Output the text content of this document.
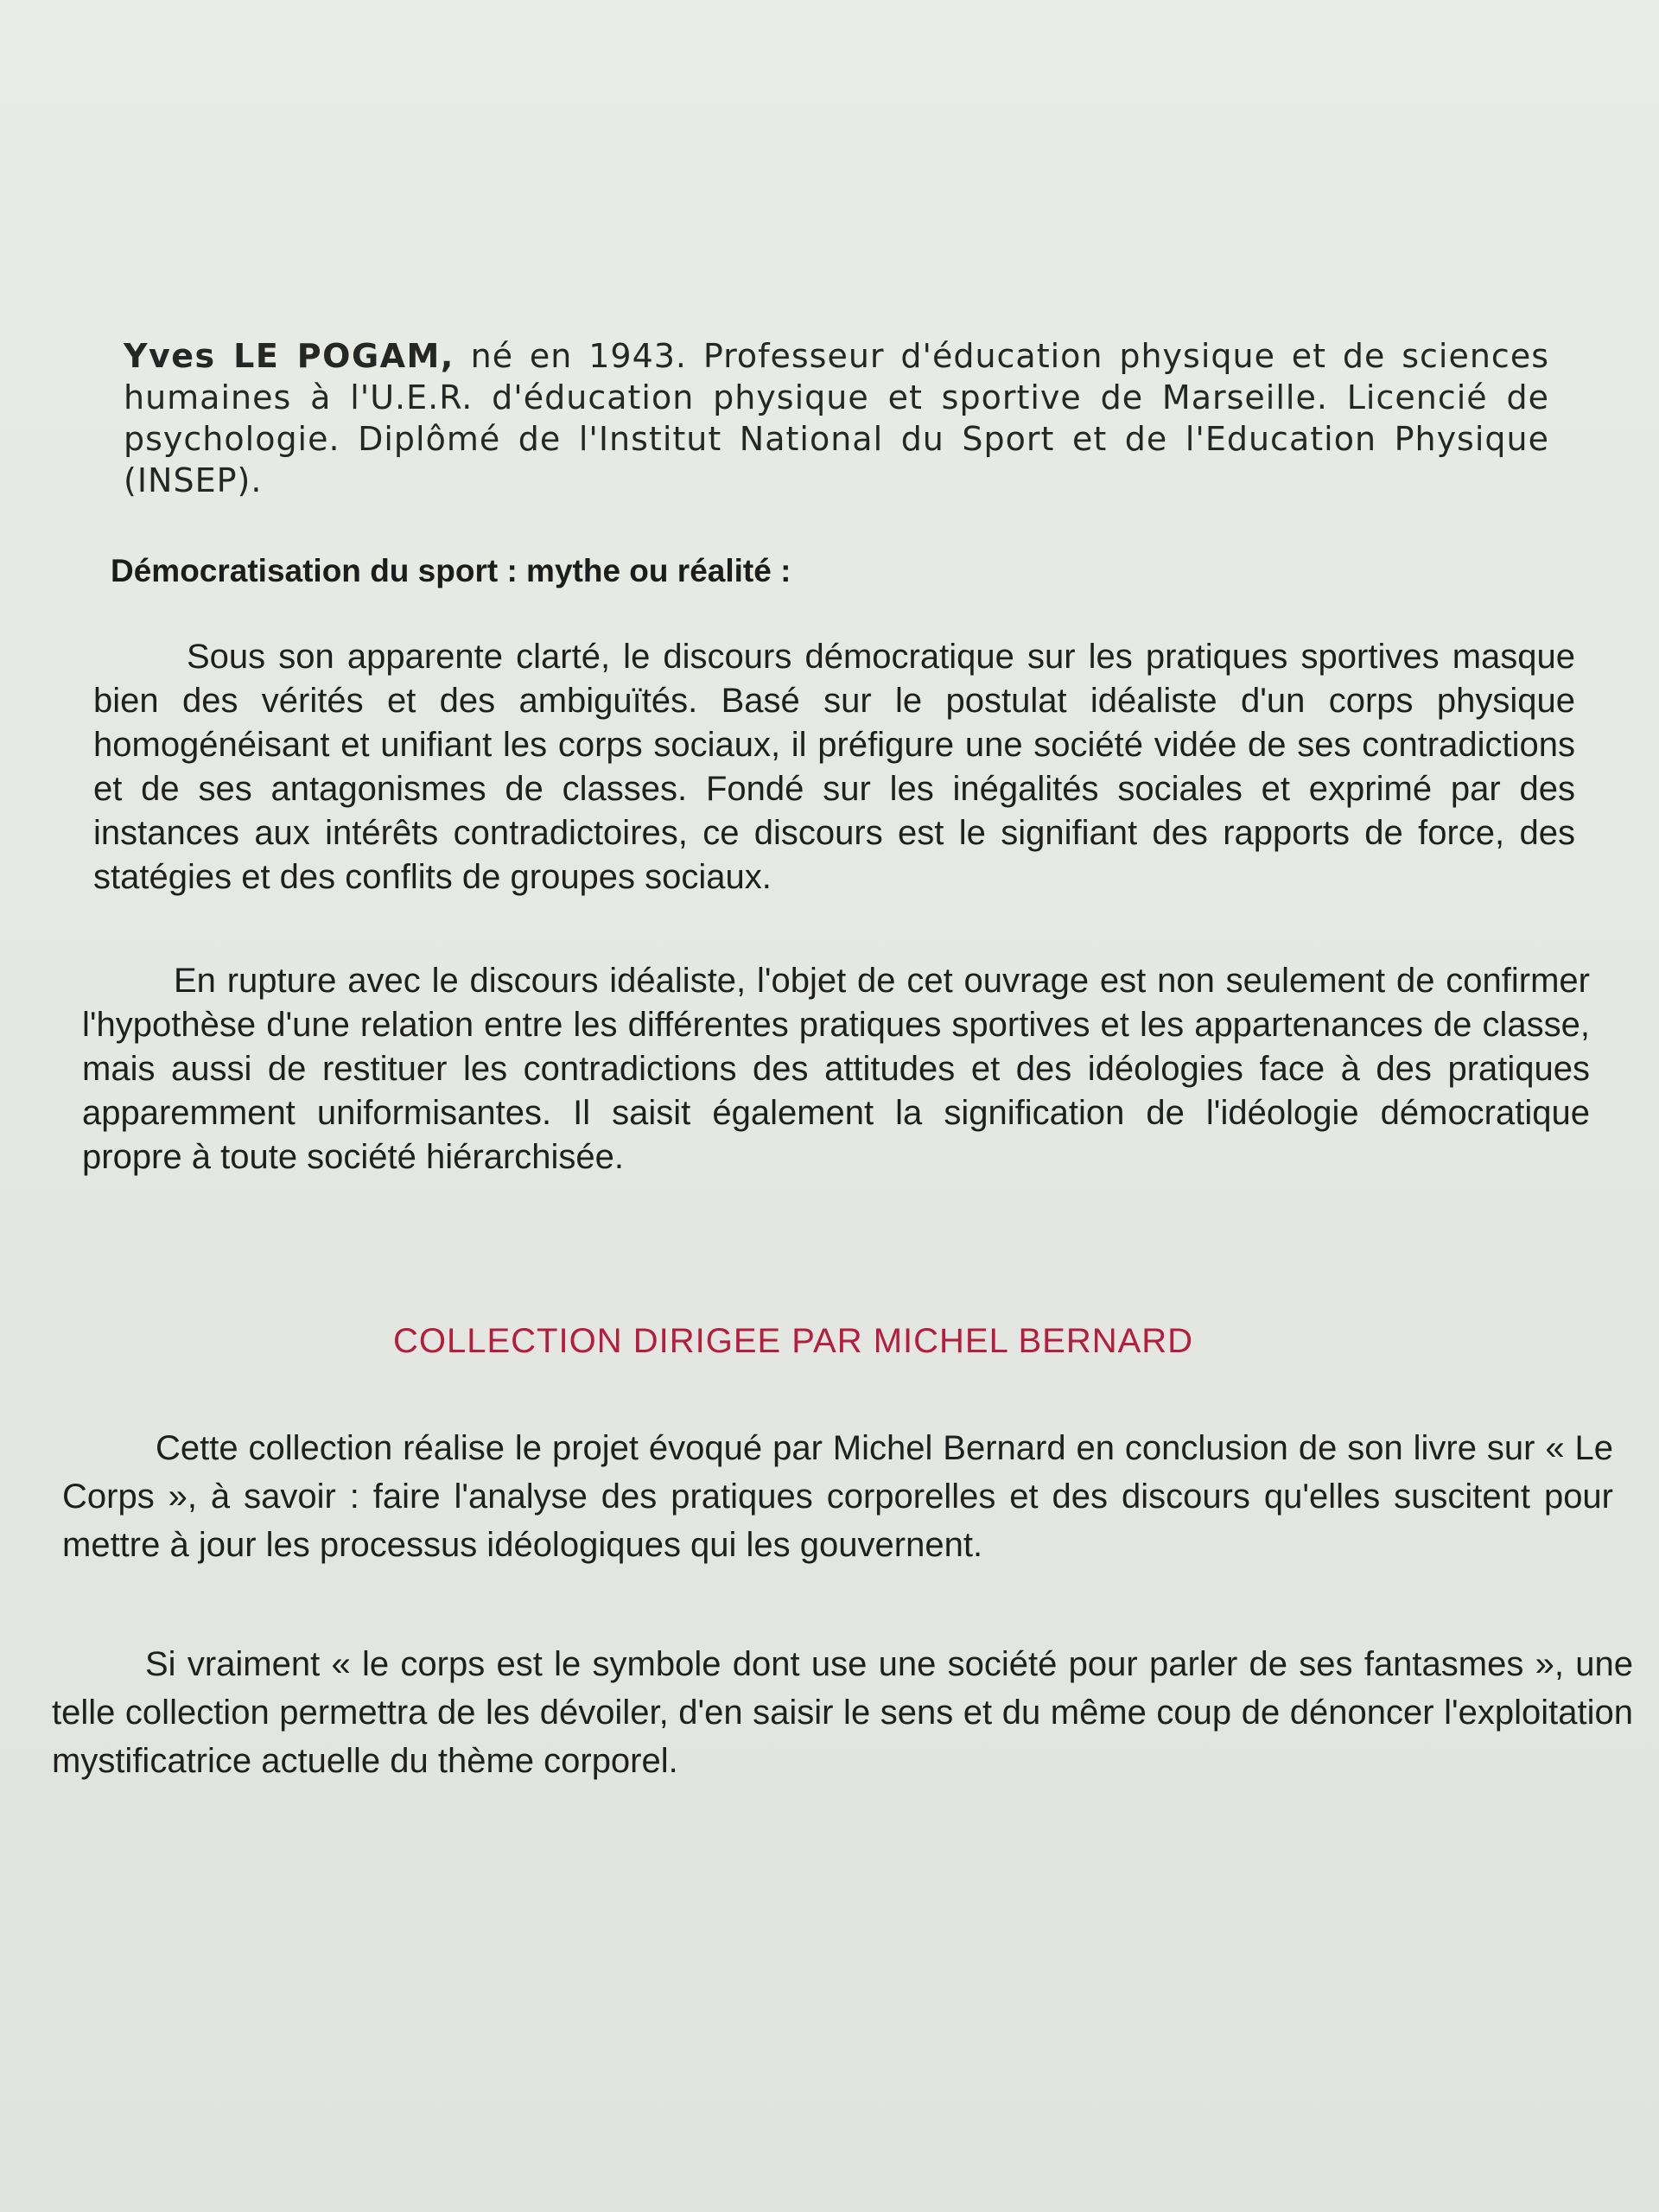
Yves LE POGAM, né en 1943. Professeur d'éducation physique et de sciences humaines à l'U.E.R. d'éducation physique et sportive de Marseille. Licencié de psychologie. Diplômé de l'Institut National du Sport et de l'Education Physique (INSEP).

Démocratisation du sport : mythe ou réalité :

Sous son apparente clarté, le discours démocratique sur les pratiques sportives masque bien des vérités et des ambiguïtés. Basé sur le postulat idéaliste d'un corps physique homogénéisant et unifiant les corps sociaux, il préfigure une société vidée de ses contradictions et de ses antagonismes de classes. Fondé sur les inégalités sociales et exprimé par des instances aux intérêts contradictoires, ce discours est le signifiant des rapports de force, des statégies et des conflits de groupes sociaux.

En rupture avec le discours idéaliste, l'objet de cet ouvrage est non seulement de confirmer l'hypothèse d'une relation entre les différentes pratiques sportives et les appartenances de classe, mais aussi de restituer les contradictions des attitudes et des idéologies face à des pratiques apparemment uniformisantes. Il saisit également la signification de l'idéologie démocratique propre à toute société hiérarchisée.

COLLECTION DIRIGEE PAR MICHEL BERNARD

Cette collection réalise le projet évoqué par Michel Bernard en conclusion de son livre sur « Le Corps », à savoir : faire l'analyse des pratiques corporelles et des discours qu'elles suscitent pour mettre à jour les processus idéologiques qui les gouvernent.

Si vraiment « le corps est le symbole dont use une société pour parler de ses fantasmes », une telle collection permettra de les dévoiler, d'en saisir le sens et du même coup de dénoncer l'exploitation mystificatrice actuelle du thème corporel.
